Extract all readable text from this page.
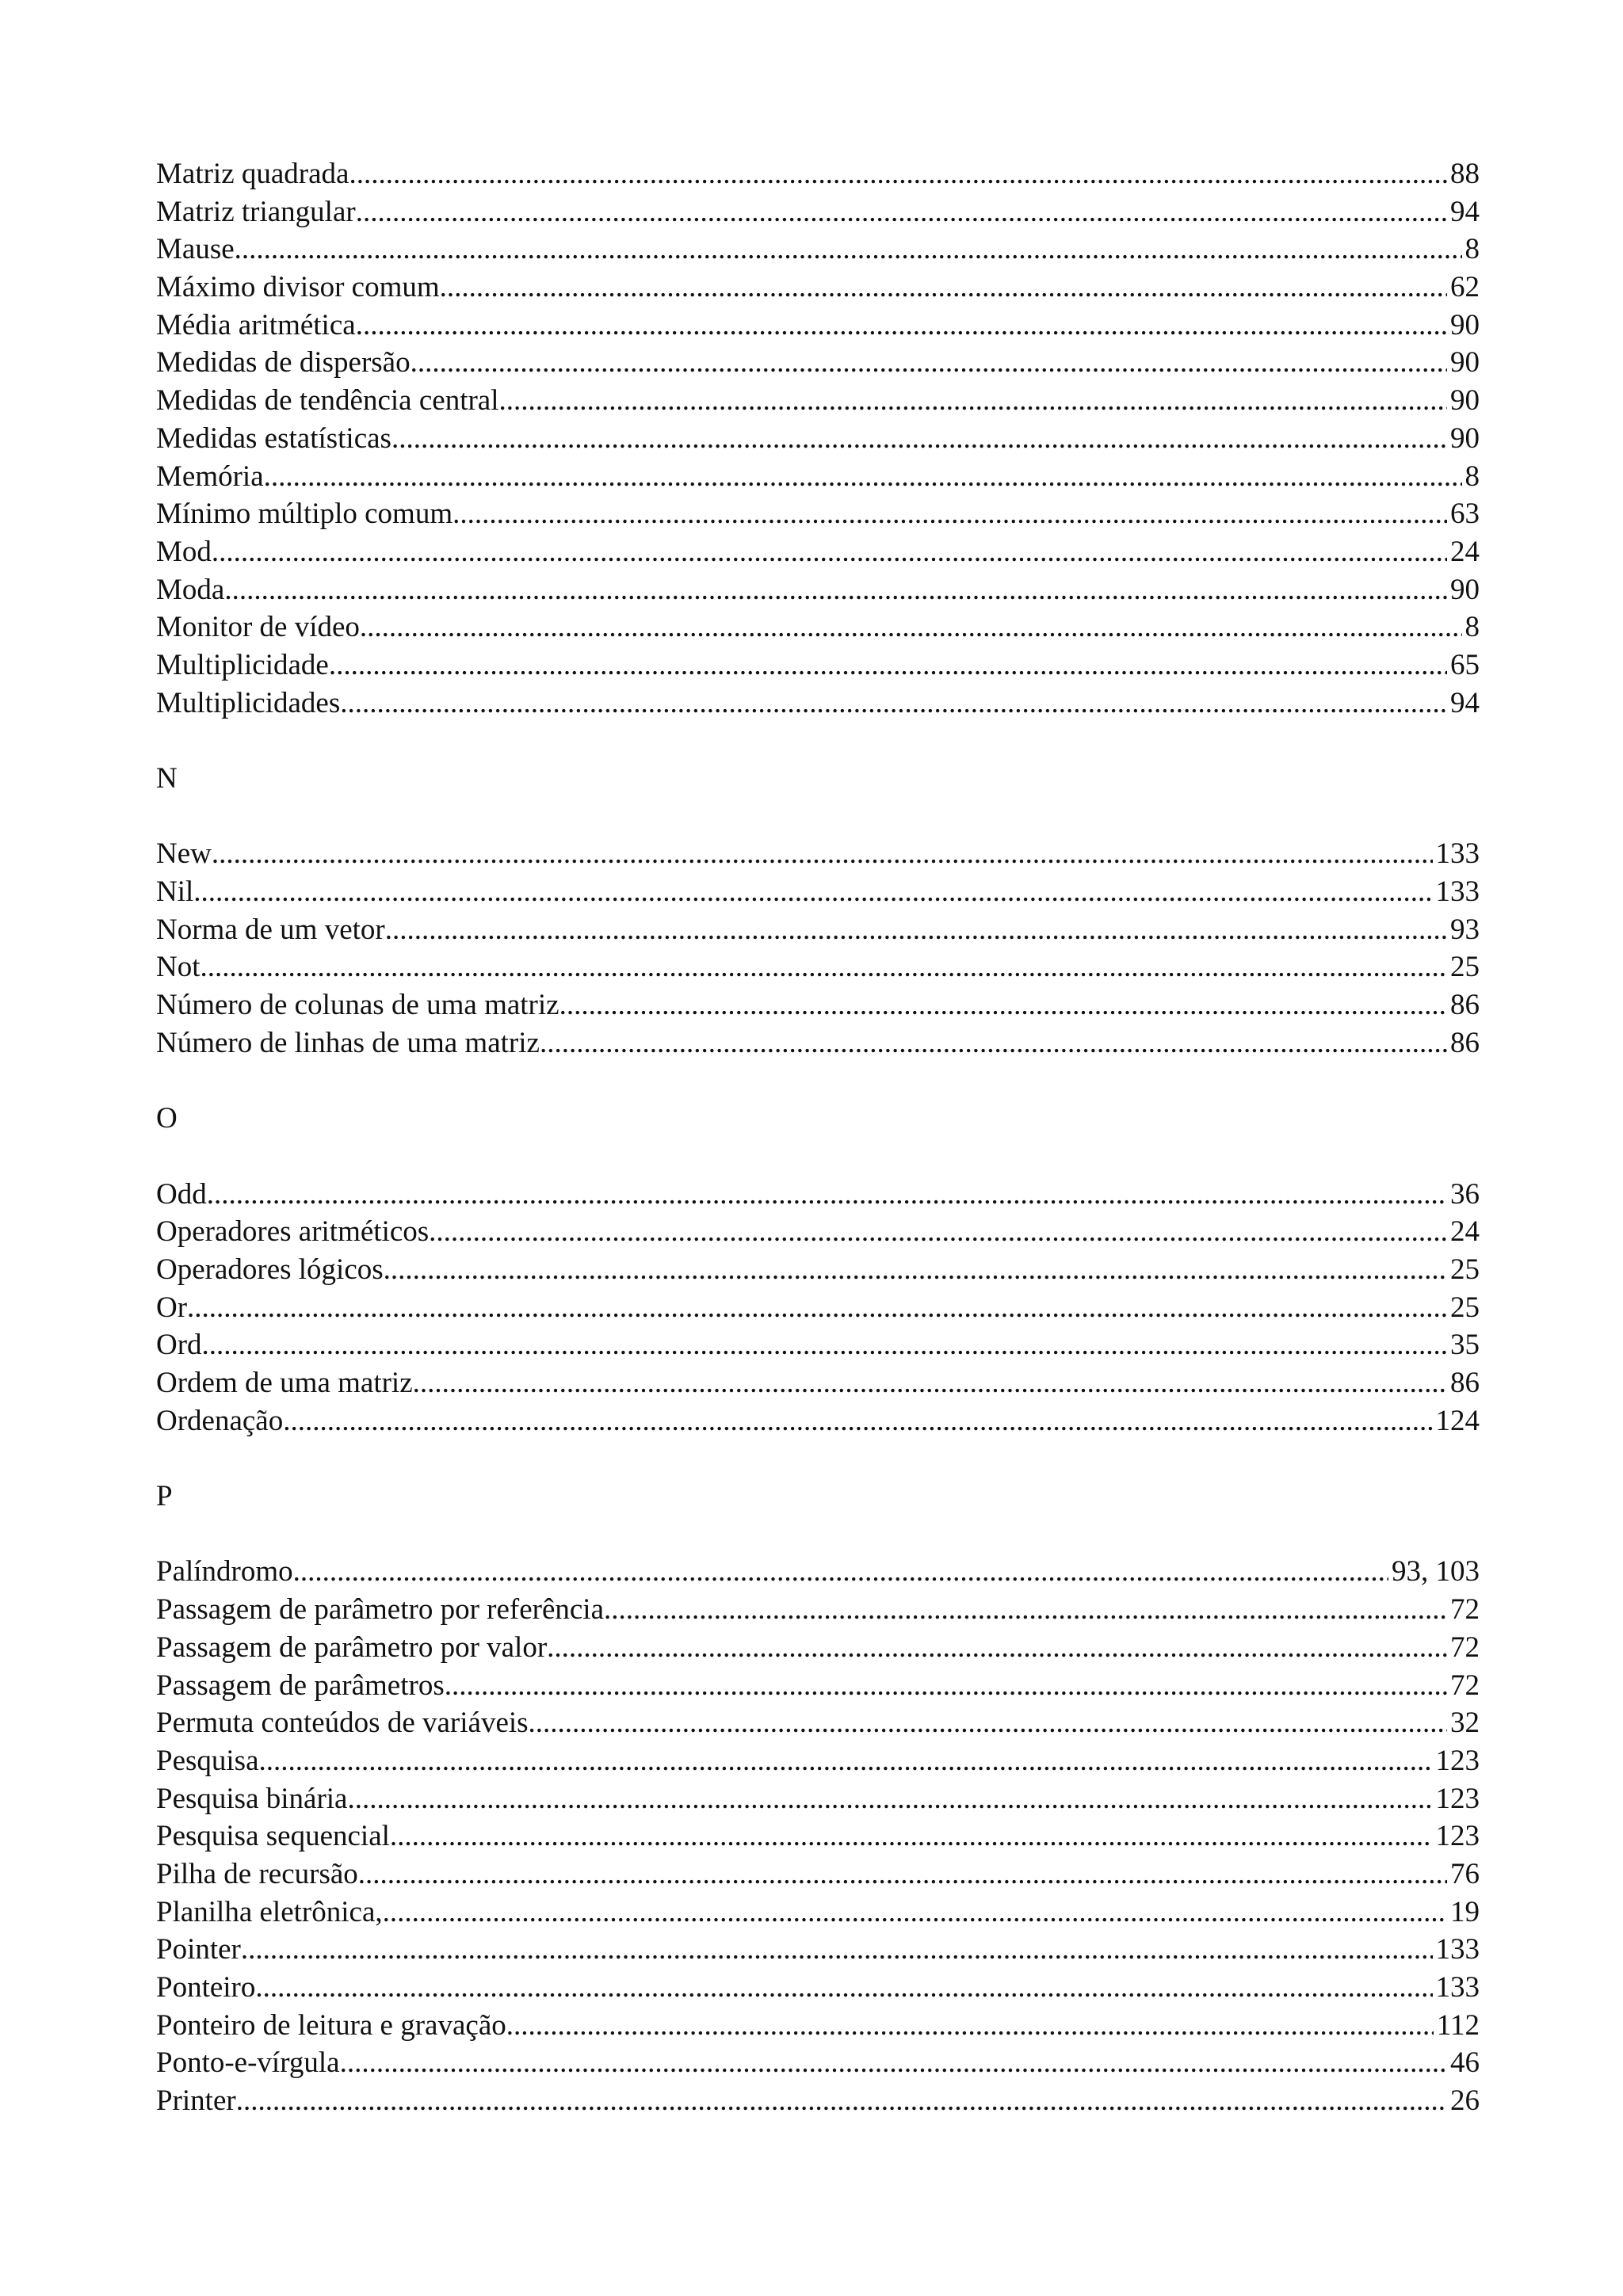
Matriz quadrada .....	88
Matriz triangular .....	94
Mause .....	8
Máximo divisor comum .....	62
Média aritmética .....	90
Medidas de dispersão .....	90
Medidas de tendência central .....	90
Medidas estatísticas .....	90
Memória .....	8
Mínimo múltiplo comum .....	63
Mod .....	24
Moda .....	90
Monitor de vídeo .....	8
Multiplicidade .....	65
Multiplicidades .....	94
N
New .....	133
Nil .....	133
Norma de um vetor .....	93
Not .....	25
Número de colunas de uma matriz .....	86
Número de linhas de uma matriz .....	86
O
Odd .....	36
Operadores aritméticos .....	24
Operadores lógicos .....	25
Or .....	25
Ord .....	35
Ordem de uma matriz .....	86
Ordenação .....	124
P
Palíndromo .....	93, 103
Passagem de parâmetro por referência .....	72
Passagem de parâmetro por valor .....	72
Passagem de parâmetros .....	72
Permuta conteúdos de variáveis .....	32
Pesquisa .....	123
Pesquisa binária .....	123
Pesquisa sequencial .....	123
Pilha de recursão .....	76
Planilha eletrônica, .....	19
Pointer .....	133
Ponteiro .....	133
Ponteiro de leitura e gravação .....	112
Ponto-e-vírgula .....	46
Printer .....	26
